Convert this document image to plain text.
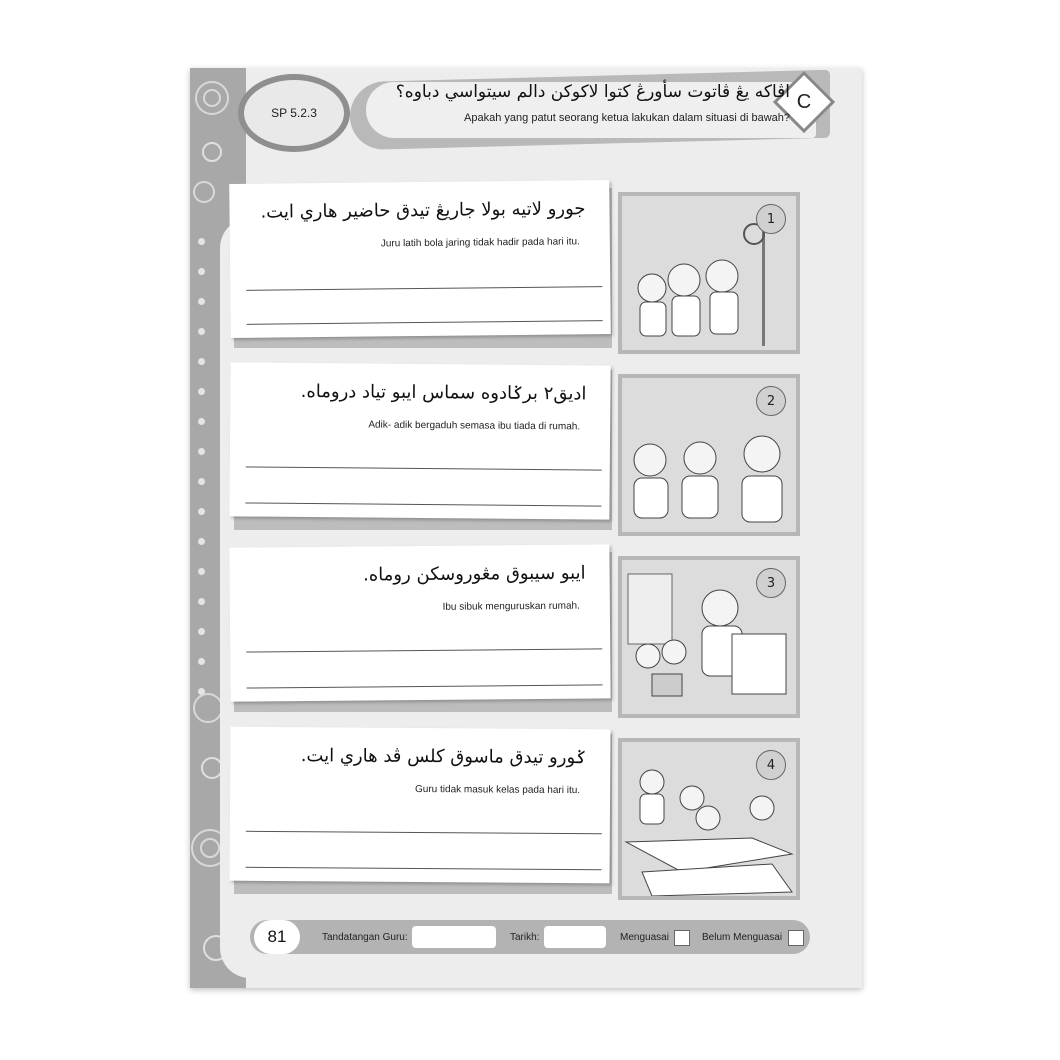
SP 5.2.3
C
اڤاكه يڠ ڤاتوت سأورڠ كتوا لاكوكن دالم سيتواسي دباوه؟
Apakah yang patut seorang ketua lakukan dalam situasi di bawah?
جورو لاتيه بولا جاريڠ تيدق حاضير هاري ايت.
Juru latih bola jaring tidak hadir pada hari itu.
1
اديق٢ برݢادوه سماس ايبو تياد دروماه.
Adik- adik bergaduh semasa ibu tiada di rumah.
2
ايبو سيبوق مڠوروسكن روماه.
Ibu sibuk menguruskan rumah.
3
ݢورو تيدق ماسوق كلس ڤد هاري ايت.
Guru tidak masuk kelas pada hari itu.
4
81	Tandatangan Guru:	Tarikh:	Menguasai	Belum Menguasai
